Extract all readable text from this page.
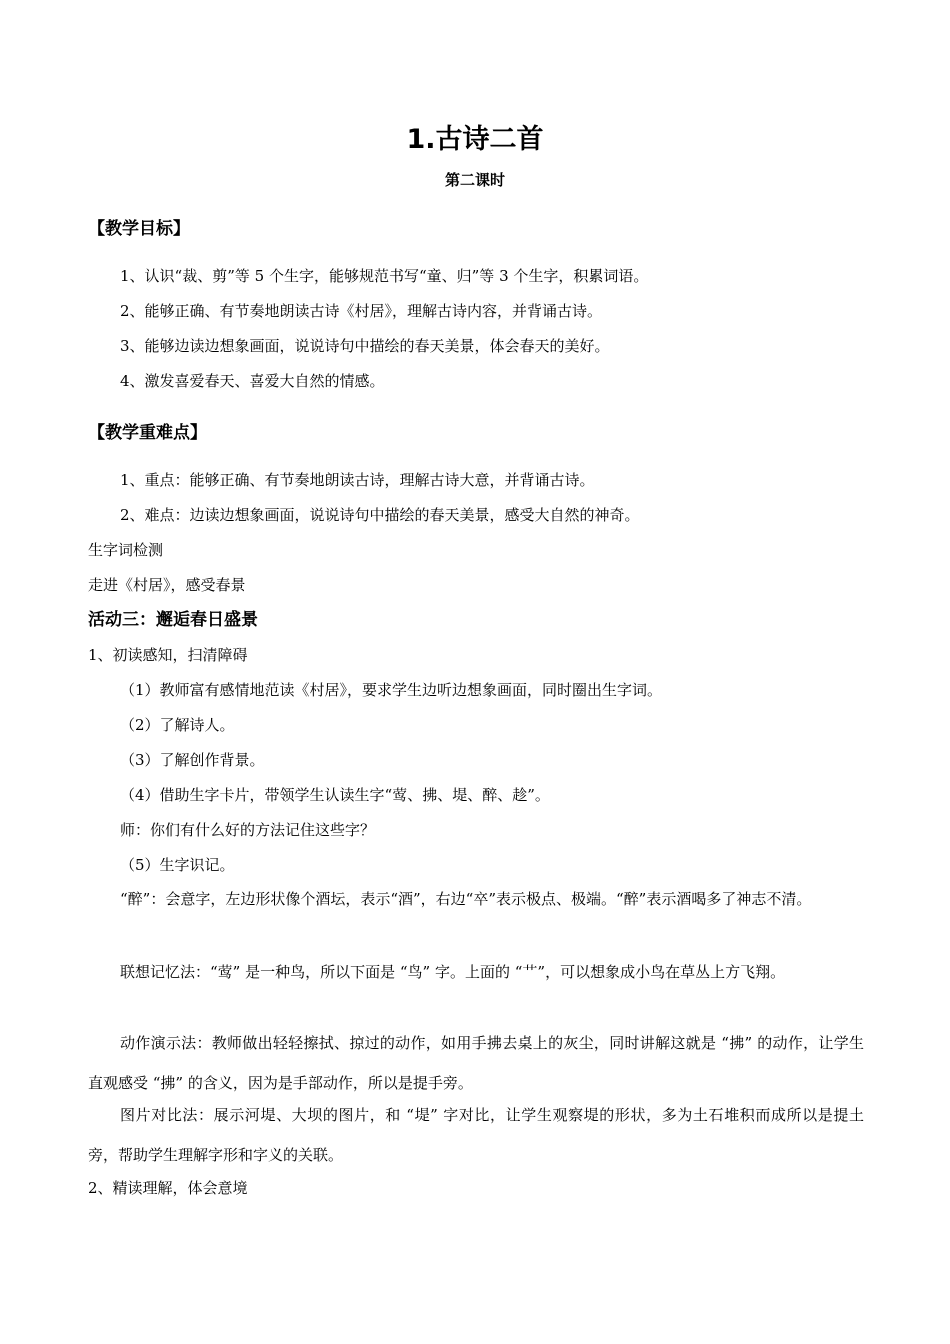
1.古诗二首
第二课时
【教学目标】
1、认识“裁、剪”等 5 个生字，能够规范书写“童、归”等 3 个生字，积累词语。
2、能够正确、有节奏地朗读古诗《村居》，理解古诗内容，并背诵古诗。
3、能够边读边想象画面，说说诗句中描绘的春天美景，体会春天的美好。
4、激发喜爱春天、喜爱大自然的情感。
【教学重难点】
1、重点：能够正确、有节奏地朗读古诗，理解古诗大意，并背诵古诗。
2、难点：边读边想象画面，说说诗句中描绘的春天美景，感受大自然的神奇。
生字词检测
走进《村居》，感受春景
活动三：邂逅春日盛景
1、初读感知，扫清障碍
（1）教师富有感情地范读《村居》，要求学生边听边想象画面，同时圈出生字词。
（2）了解诗人。
（3）了解创作背景。
（4）借助生字卡片，带领学生认读生字“莺、拂、堤、醉、趁”。
师：你们有什么好的方法记住这些字？
（5）生字识记。
“醉”：会意字，左边形状像个酒坛，表示“酒”，右边“卒”表示极点、极端。“醉”表示酒喝多了神志不清。
联想记忆法：“莺” 是一种鸟，所以下面是 “鸟” 字。上面的 “艹”，可以想象成小鸟在草丛上方飞翔。
动作演示法：教师做出轻轻擦拭、掠过的动作，如用手拂去桌上的灰尘，同时讲解这就是 “拂” 的动作，让学生直观感受 “拂” 的含义，因为是手部动作，所以是提手旁。
图片对比法：展示河堤、大坝的图片，和 “堤” 字对比，让学生观察堤的形状，多为土石堆积而成所以是提土旁，帮助学生理解字形和字义的关联。
2、精读理解，体会意境
